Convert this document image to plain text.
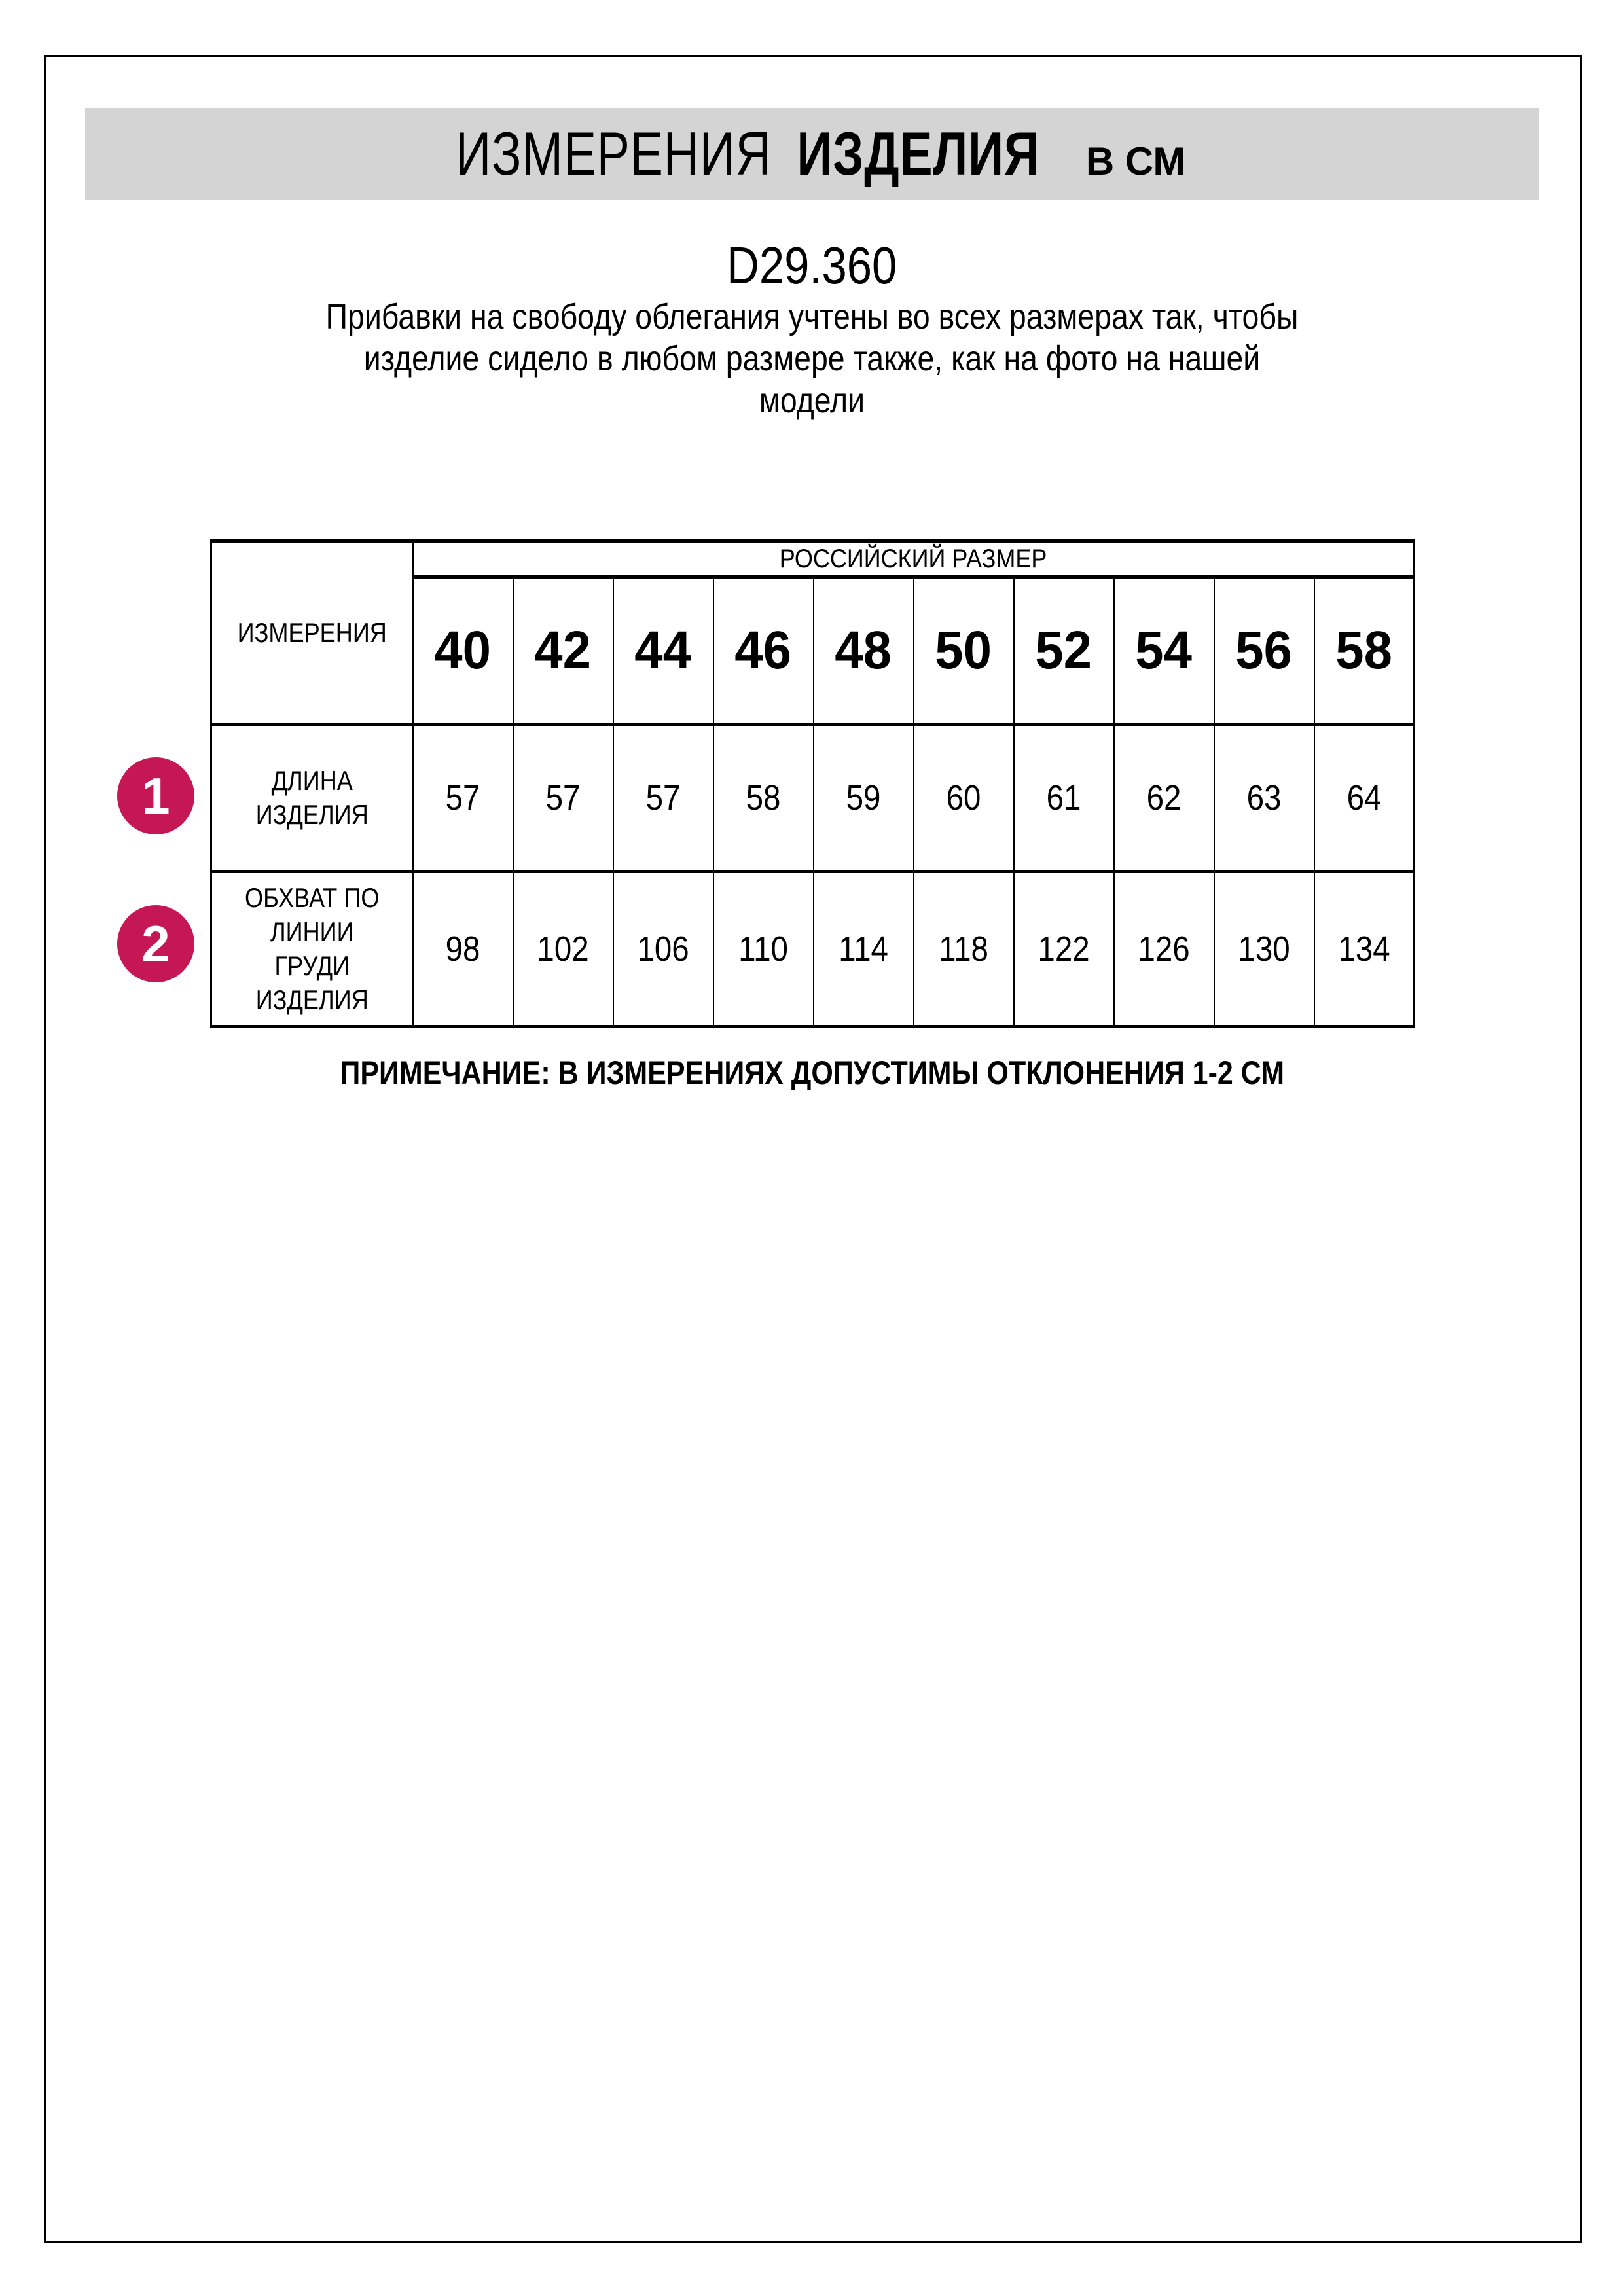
ИЗМЕРЕНИЯ ИЗДЕЛИЯ В СМ
D29.360
Прибавки на свободу облегания учтены во всех размерах так, чтобы
изделие сидело в любом размере также, как на фото на нашей
модели
ИЗМЕРЕНИЯ	РОССИЙСКИЙ РАЗМЕР									
	40	42	44	46	48	50	52	54	56	58

ДЛИНА
ИЗДЕЛИЯ	57	57	57	58	59	60	61	62	63	64

ОБХВАТ ПО
ЛИНИИ
ГРУДИ
ИЗДЕЛИЯ	98	102	106	110	114	118	122	126	130	134
1
2
ПРИМЕЧАНИЕ: В ИЗМЕРЕНИЯХ ДОПУСТИМЫ ОТКЛОНЕНИЯ 1-2 СМ
